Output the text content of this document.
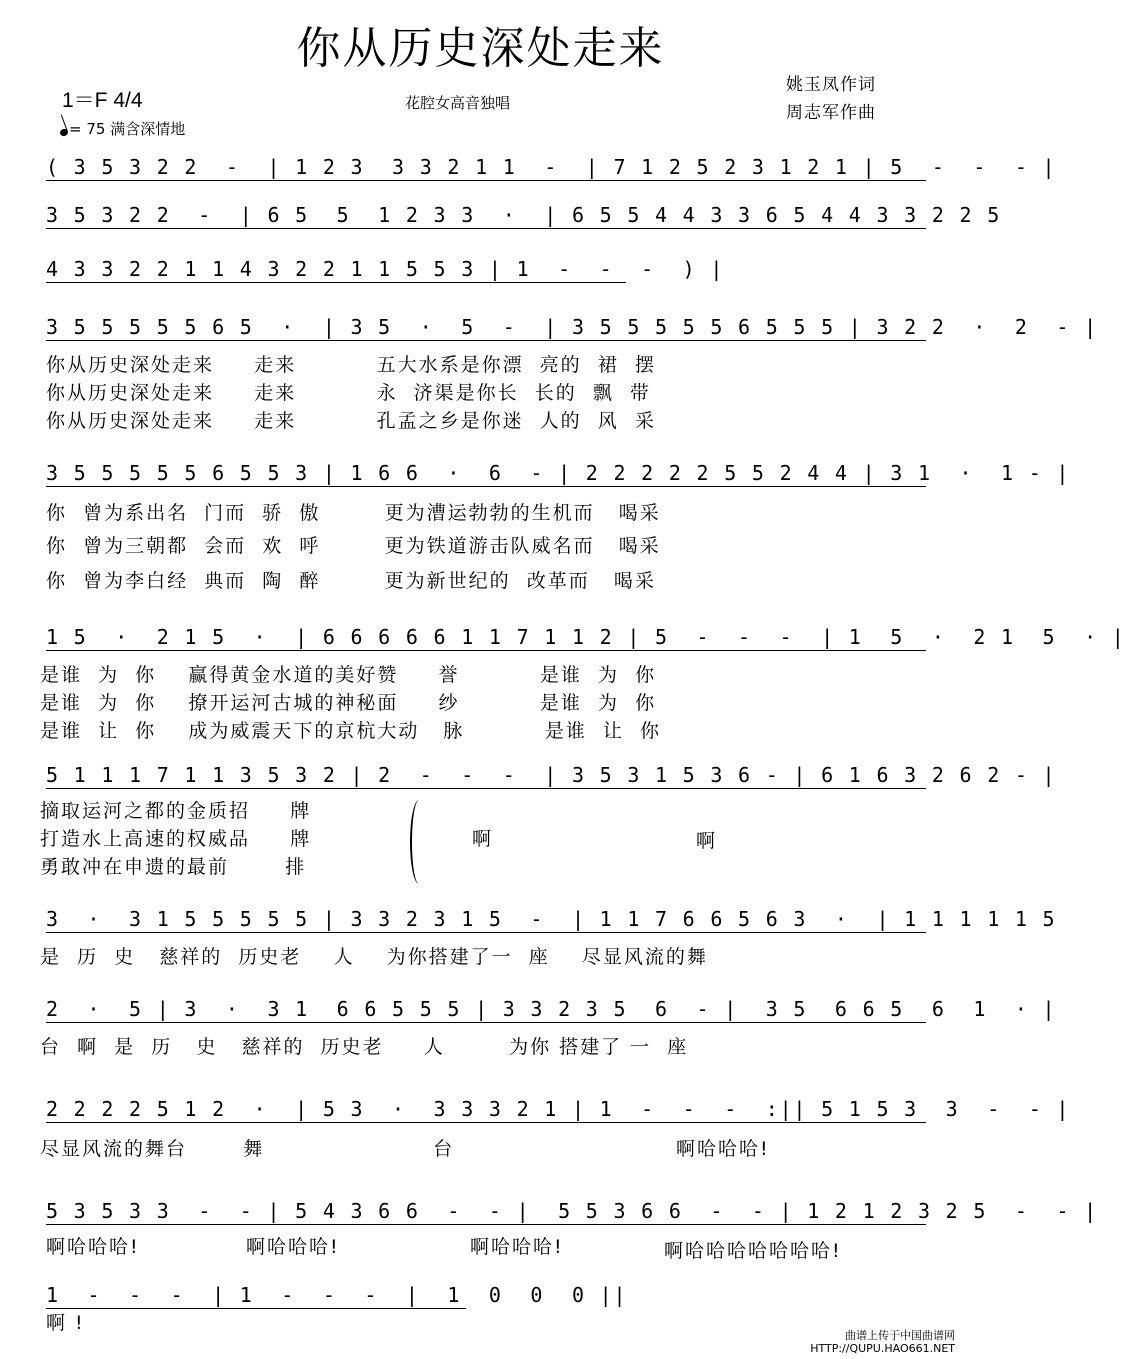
你从历史深处走来
1＝F 4/4
= 75 满含深情地
花腔女高音独唱
姚玉凤作词
周志军作曲
( 3 5 3 2 2  -  | 1 2 3  3 3 2 1 1  -  | 7 1 2 5 2 3 1 2 1 | 5  -  -  - |
3 5 3 2 2  -  | 6 5  5  1 2 3 3  ·  | 6 5 5 4 4 3 3 6 5 4 4 3 3 2 2 5
4 3 3 2 2 1 1 4 3 2 2 1 1 5 5 3 | 1  -  -  -  ) |
3 5 5 5 5 5 6 5  ·  | 3 5  ·  5  -  | 3 5 5 5 5 5 6 5 5 5 | 3 2 2  ·  2  - |
你从历史深处走来     走来          五大水系是你漂  亮的  裙  摆
你从历史深处走来     走来          永  济渠是你长  长的  飘  带
你从历史深处走来     走来          孔孟之乡是你迷  人的  风  采
3 5 5 5 5 5 6 5 5 3 | 1 6 6  ·  6  - | 2 2 2 2 2 5 5 2 4 4 | 3 1  ·  1 - |
你  曾为系出名  门而  骄  傲        更为漕运勃勃的生机而   喝采
你  曾为三朝都  会而  欢  呼        更为铁道游击队威名而   喝采
你  曾为李白经  典而  陶  醉        更为新世纪的  改革而   喝采
1 5  ·  2 1 5  ·  | 6 6 6 6 6 1 1 7 1 1 2 | 5  -  -  -  | 1  5  ·  2 1  5  · |
是谁  为  你    赢得黄金水道的美好赞     誉          是谁  为  你
是谁  为  你    撩开运河古城的神秘面     纱          是谁  为  你
是谁  让  你    成为威震天下的京杭大动   脉          是谁  让  你
5 1 1 1 7 1 1 3 5 3 2 | 2  -  -  -  | 3 5 3 1 5 3 6 - | 6 1 6 3 2 6 2 - |
摘取运河之都的金质招     牌
打造水上高速的权威品     牌
勇敢冲在申遗的最前       排
啊	啊
3  ·  3 1 5 5 5 5 5 | 3 3 2 3 1 5  -  | 1 1 7 6 6 5 6 3  ·  | 1 1 1 1 1 5
是  历  史   慈祥的  历史老    人    为你搭建了一  座    尽显风流的舞
2  ·  5 | 3  ·  3 1  6 6 5 5 5 | 3 3 2 3 5  6  - |  3 5  6 6 5  6  1  · |
台  啊  是  历   史   慈祥的  历史老     人        为你 搭建了 一  座
2 2 2 2 5 1 2  ·  | 5 3  ·  3 3 3 2 1 | 1  -  -  -  :|| 5 1 5 3  3  -  - |
尽显风流的舞台       舞                     台	啊哈哈哈!
5 3 5 3 3  -  - | 5 4 3 6 6  -  - |  5 5 3 6 6  -  - | 1 2 1 2 3 2 5  -  - |
啊哈哈哈!	啊哈哈哈!	啊哈哈哈!	啊哈哈哈哈哈哈哈!
1  -  -  -  | 1  -  -  -  |  1  0  0  0 ||
啊 !
曲谱上传于中国曲谱网
HTTP://QUPU.HAO661.NET
